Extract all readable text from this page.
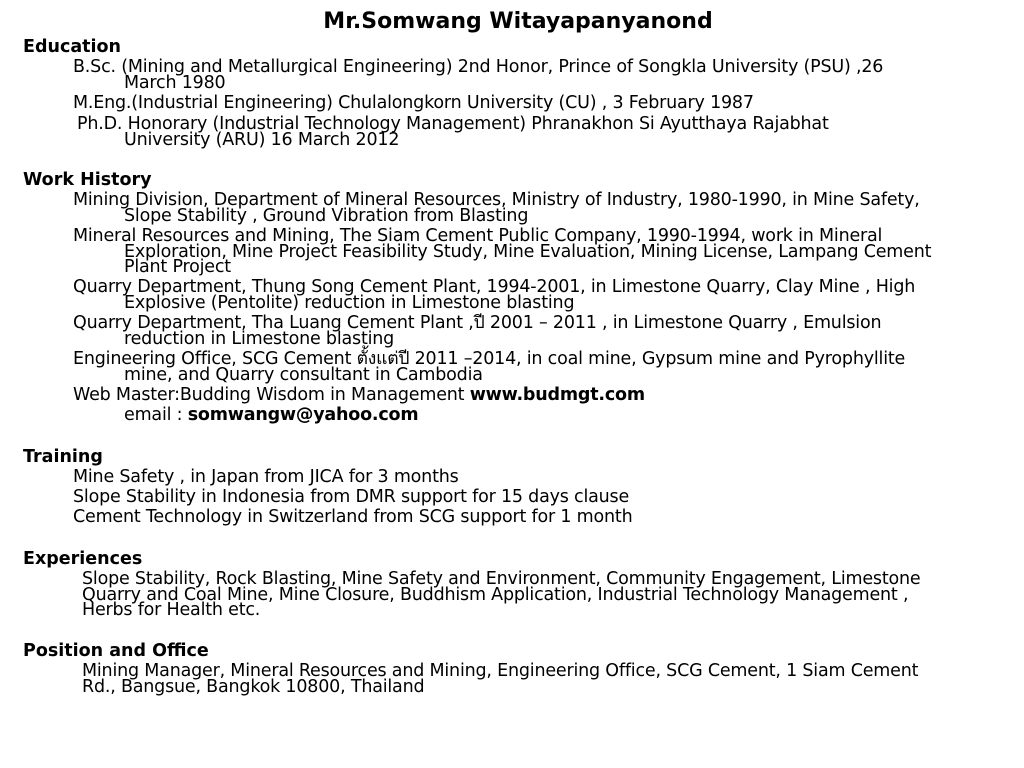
Mr.Somwang Witayapanyanond
Education
B.Sc. (Mining and Metallurgical Engineering) 2nd Honor, Prince of Songkla University (PSU) ,26
March 1980
M.Eng.(Industrial Engineering) Chulalongkorn University (CU) , 3 February 1987
Ph.D. Honorary (Industrial Technology Management) Phranakhon Si Ayutthaya Rajabhat
University (ARU) 16 March 2012
Work History
Mining Division, Department of Mineral Resources, Ministry of Industry, 1980-1990, in Mine Safety,
Slope Stability , Ground Vibration from Blasting
Mineral Resources and Mining, The Siam Cement Public Company, 1990-1994, work in Mineral
Exploration, Mine Project Feasibility Study, Mine Evaluation, Mining License, Lampang Cement
Plant Project
Quarry Department, Thung Song Cement Plant, 1994-2001, in Limestone Quarry, Clay Mine , High
Explosive (Pentolite) reduction in Limestone blasting
Quarry Department, Tha Luang Cement Plant ,ปี 2001 – 2011 , in Limestone Quarry , Emulsion
reduction in Limestone blasting
Engineering Office, SCG Cement ตั้งแต่ปี 2011 –2014, in coal mine, Gypsum mine and Pyrophyllite
mine, and Quarry consultant in Cambodia
Web Master:Budding Wisdom in Management www.budmgt.com
email : somwangw@yahoo.com
Training
Mine Safety , in Japan from JICA for 3 months
Slope Stability in Indonesia from DMR support for 15 days clause
Cement Technology in Switzerland from SCG support for 1 month
Experiences
Slope Stability, Rock Blasting, Mine Safety and Environment, Community Engagement, Limestone
Quarry and Coal Mine, Mine Closure, Buddhism Application, Industrial Technology Management ,
Herbs for Health etc.
Position and Office
Mining Manager, Mineral Resources and Mining, Engineering Office, SCG Cement, 1 Siam Cement
Rd., Bangsue, Bangkok 10800, Thailand
